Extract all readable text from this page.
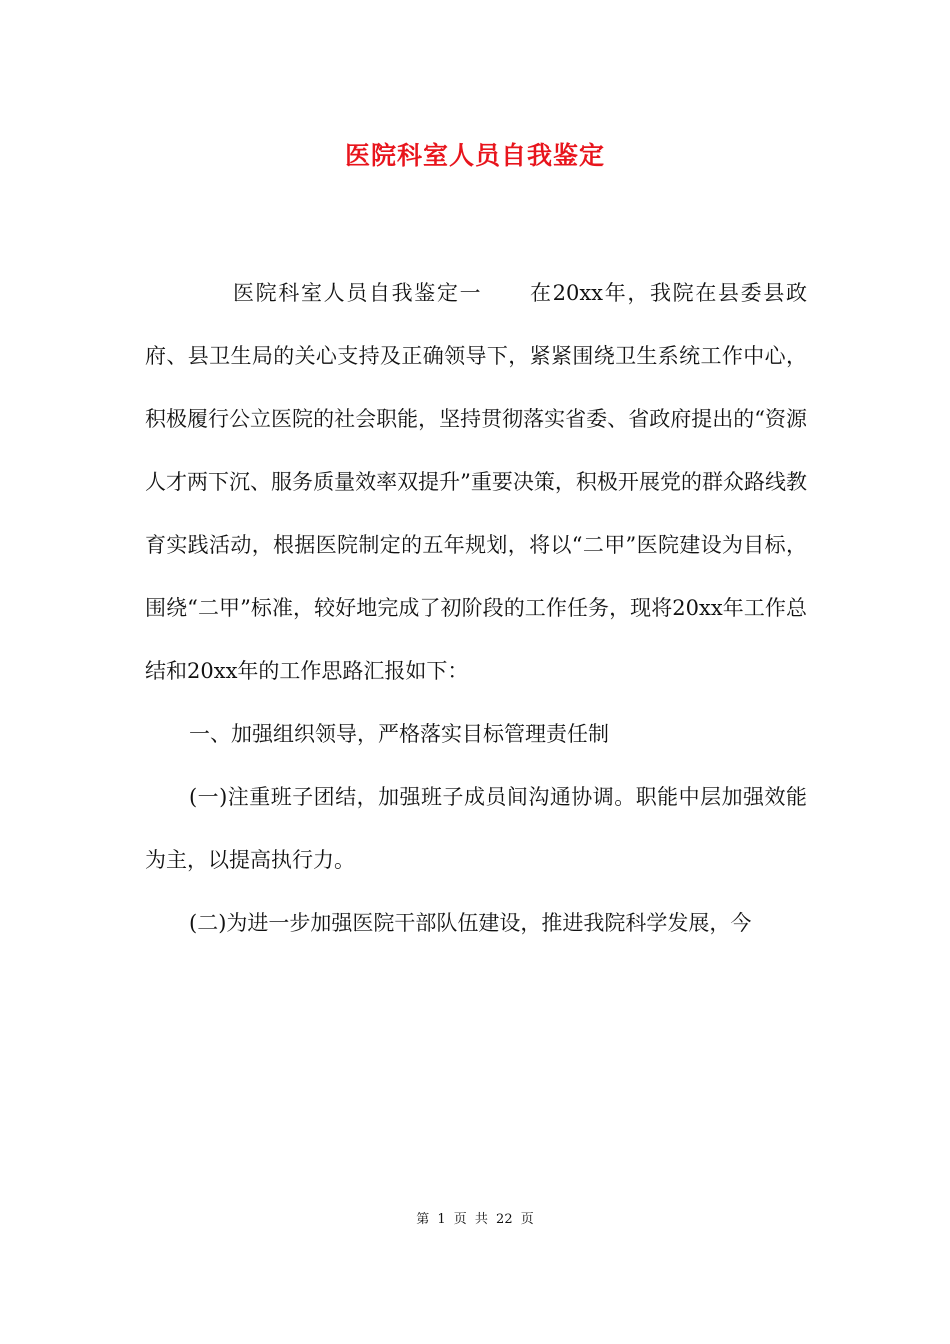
医院科室人员自我鉴定

医院科室人员自我鉴定一 在20xx年，我院在县委县政府、县卫生局的关心支持及正确领导下，紧紧围绕卫生系统工作中心，积极履行公立医院的社会职能，坚持贯彻落实省委、省政府提出的“资源人才两下沉、服务质量效率双提升”重要决策，积极开展党的群众路线教育实践活动，根据医院制定的五年规划，将以“二甲”医院建设为目标，围绕“二甲”标准，较好地完成了初阶段的工作任务，现将20xx年工作总结和20xx年的工作思路汇报如下：

一、加强组织领导，严格落实目标管理责任制

(一)注重班子团结，加强班子成员间沟通协调。职能中层加强效能为主，以提高执行力。

(二)为进一步加强医院干部队伍建设，推进我院科学发展，今

第 1 页 共 22 页
